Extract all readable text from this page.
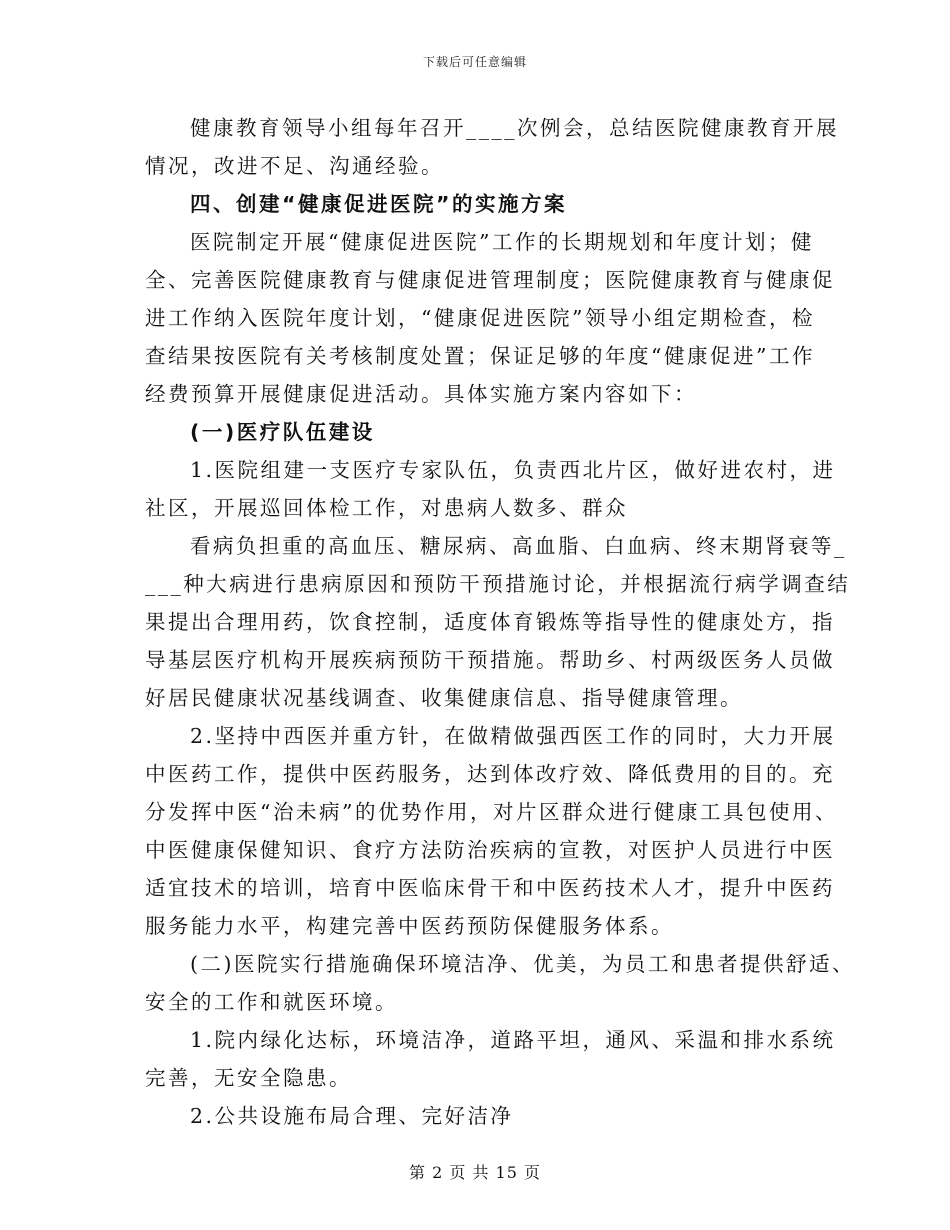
下载后可任意编辑
健康教育领导小组每年召开____次例会，总结医院健康教育开展
情况，改进不足、沟通经验。
四、创建“健康促进医院”的实施方案
医院制定开展“健康促进医院”工作的长期规划和年度计划；健
全、完善医院健康教育与健康促进管理制度；医院健康教育与健康促
进工作纳入医院年度计划，“健康促进医院”领导小组定期检查，检
查结果按医院有关考核制度处置；保证足够的年度“健康促进”工作
经费预算开展健康促进活动。具体实施方案内容如下：
(一)医疗队伍建设
1.医院组建一支医疗专家队伍，负责西北片区，做好进农村，进
社区，开展巡回体检工作，对患病人数多、群众
看病负担重的高血压、糖尿病、高血脂、白血病、终末期肾衰等_
___种大病进行患病原因和预防干预措施讨论，并根据流行病学调查结
果提出合理用药，饮食控制，适度体育锻炼等指导性的健康处方，指
导基层医疗机构开展疾病预防干预措施。帮助乡、村两级医务人员做
好居民健康状况基线调查、收集健康信息、指导健康管理。
2.坚持中西医并重方针，在做精做强西医工作的同时，大力开展
中医药工作，提供中医药服务，达到体改疗效、降低费用的目的。充
分发挥中医“治未病”的优势作用，对片区群众进行健康工具包使用、
中医健康保健知识、食疗方法防治疾病的宣教，对医护人员进行中医
适宜技术的培训，培育中医临床骨干和中医药技术人才，提升中医药
服务能力水平，构建完善中医药预防保健服务体系。
(二)医院实行措施确保环境洁净、优美，为员工和患者提供舒适、
安全的工作和就医环境。
1.院内绿化达标，环境洁净，道路平坦，通风、采温和排水系统
完善，无安全隐患。
2.公共设施布局合理、完好洁净
第 2 页 共 15 页
